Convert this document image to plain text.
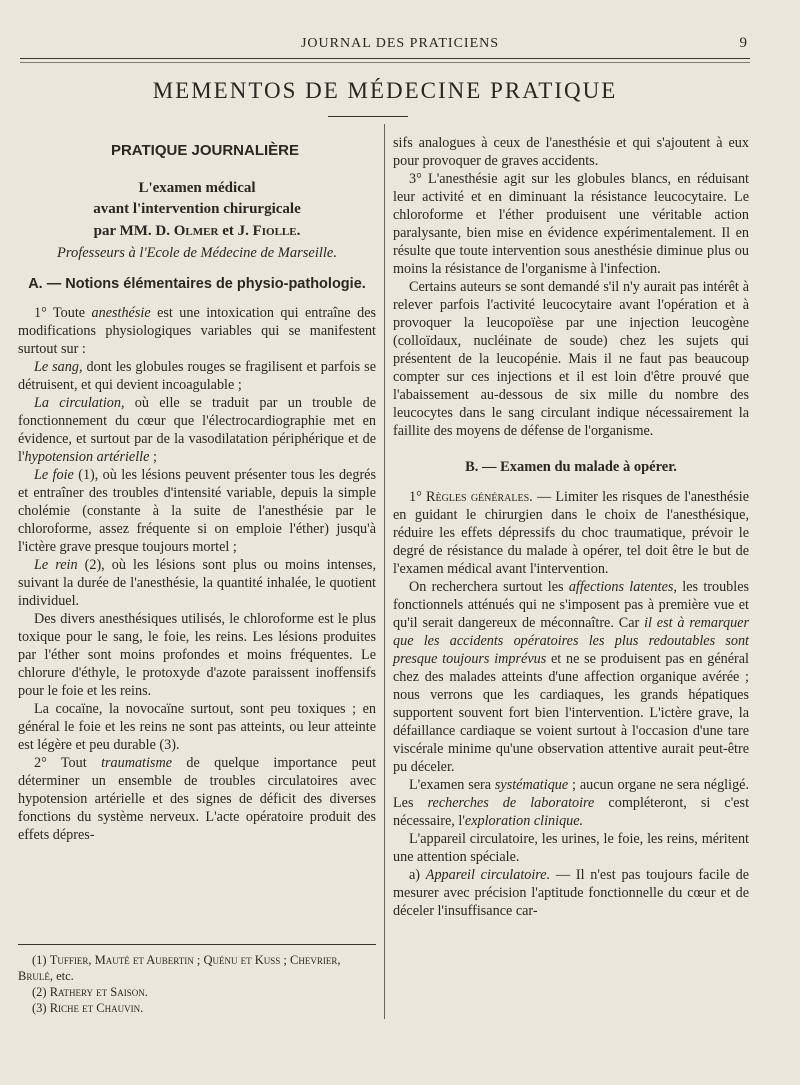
JOURNAL DES PRATICIENS	9
MEMENTOS DE MÉDECINE PRATIQUE

PRATIQUE JOURNALIÈRE

L'examen médical

avant l'intervention chirurgicale

par MM. D. Olmer et J. Fiolle.

Professeurs à l'Ecole de Médecine de Marseille.

A. — Notions élémentaires de physio-pathologie.

1° Toute anesthésie est une intoxication qui entraîne des modifications physiologiques variables qui se manifestent surtout sur :

Le sang, dont les globules rouges se fragilisent et parfois se détruisent, et qui devient incoagulable ;

La circulation, où elle se traduit par un trouble de fonctionnement du cœur que l'électrocardiographie met en évidence, et surtout par de la vasodilatation périphérique et de l'hypotension artérielle ;

Le foie (1), où les lésions peuvent présenter tous les degrés et entraîner des troubles d'intensité variable, depuis la simple cholémie (constante à la suite de l'anesthésie par le chloroforme, assez fréquente si on emploie l'éther) jusqu'à l'ictère grave presque toujours mortel ;

Le rein (2), où les lésions sont plus ou moins intenses, suivant la durée de l'anesthésie, la quantité inhalée, le quotient individuel.

Des divers anesthésiques utilisés, le chloroforme est le plus toxique pour le sang, le foie, les reins. Les lésions produites par l'éther sont moins profondes et moins fréquentes. Le chlorure d'éthyle, le protoxyde d'azote paraissent inoffensifs pour le foie et les reins.

La cocaïne, la novocaïne surtout, sont peu toxiques ; en général le foie et les reins ne sont pas atteints, ou leur atteinte est légère et peu durable (3).

2° Tout traumatisme de quelque importance peut déterminer un ensemble de troubles circulatoires avec hypotension artérielle et des signes de déficit des diverses fonctions du système nerveux. L'acte opératoire produit des effets dépres-

(1) Tuffier, Mauté et Aubertin ; Quénu et Kuss ; Chevrier, Brulé, etc.

(2) Rathery et Saison.

(3) Riche et Chauvin.

sifs analogues à ceux de l'anesthésie et qui s'ajoutent à eux pour provoquer de graves accidents.

3° L'anesthésie agit sur les globules blancs, en réduisant leur activité et en diminuant la résistance leucocytaire. Le chloroforme et l'éther produisent une véritable action paralysante, bien mise en évidence expérimentalement. Il en résulte que toute intervention sous anesthésie diminue plus ou moins la résistance de l'organisme à l'infection.

Certains auteurs se sont demandé s'il n'y aurait pas intérêt à relever parfois l'activité leucocytaire avant l'opération et à provoquer la leucopoïèse par une injection leucogène (colloïdaux, nucléinate de soude) chez les sujets qui présentent de la leucopénie. Mais il ne faut pas beaucoup compter sur ces injections et il est loin d'être prouvé que l'abaissement au-dessous de six mille du nombre des leucocytes dans le sang circulant indique nécessairement la faillite des moyens de défense de l'organisme.

B. — Examen du malade à opérer.

1° Règles générales. — Limiter les risques de l'anesthésie en guidant le chirurgien dans le choix de l'anesthésique, réduire les effets dépressifs du choc traumatique, prévoir le degré de résistance du malade à opérer, tel doit être le but de l'examen médical avant l'intervention.

On recherchera surtout les affections latentes, les troubles fonctionnels atténués qui ne s'imposent pas à première vue et qu'il serait dangereux de méconnaître. Car il est à remarquer que les accidents opératoires les plus redoutables sont presque toujours imprévus et ne se produisent pas en général chez des malades atteints d'une affection organique avérée ; nous verrons que les cardiaques, les grands hépatiques supportent souvent fort bien l'intervention. L'ictère grave, la défaillance cardiaque se voient surtout à l'occasion d'une tare viscérale minime qu'une observation attentive aurait peut-être pu déceler.

L'examen sera systématique ; aucun organe ne sera négligé. Les recherches de laboratoire compléteront, si c'est nécessaire, l'exploration clinique.

L'appareil circulatoire, les urines, le foie, les reins, méritent une attention spéciale.

a) Appareil circulatoire. — Il n'est pas toujours facile de mesurer avec précision l'aptitude fonctionnelle du cœur et de déceler l'insuffisance car-
